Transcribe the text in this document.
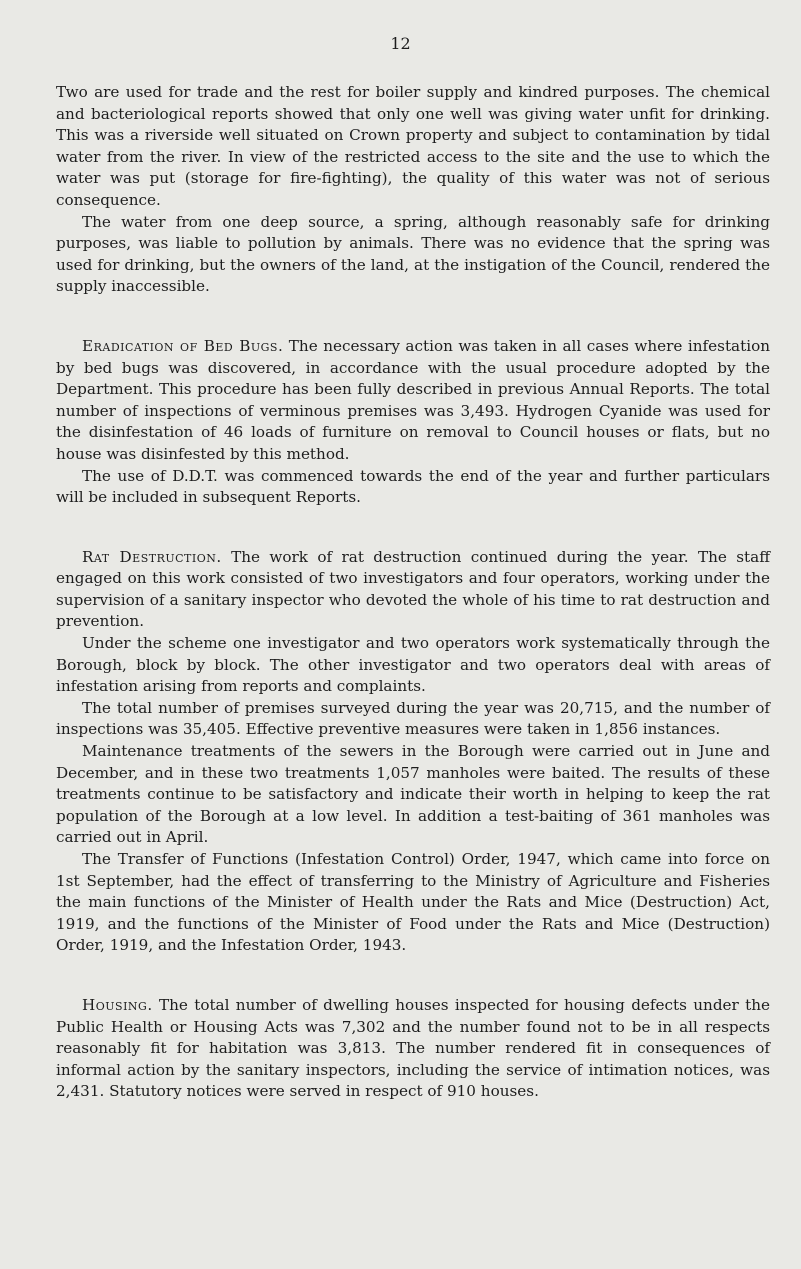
12

Two are used for trade and the rest for boiler supply and kindred purposes. The chemical and bacteriological reports showed that only one well was giving water unfit for drinking. This was a riverside well situated on Crown property and subject to contamination by tidal water from the river. In view of the restricted access to the site and the use to which the water was put (storage for fire-fighting), the quality of this water was not of serious consequence.

The water from one deep source, a spring, although reasonably safe for drinking purposes, was liable to pollution by animals. There was no evidence that the spring was used for drinking, but the owners of the land, at the instigation of the Council, rendered the supply inaccessible.

Eradication of Bed Bugs. The necessary action was taken in all cases where infestation by bed bugs was discovered, in accordance with the usual procedure adopted by the Department. This procedure has been fully described in previous Annual Reports. The total number of inspections of verminous premises was 3,493. Hydrogen Cyanide was used for the disinfestation of 46 loads of furniture on removal to Council houses or flats, but no house was disinfested by this method.

The use of D.D.T. was commenced towards the end of the year and further particulars will be included in subsequent Reports.

Rat Destruction. The work of rat destruction continued during the year. The staff engaged on this work consisted of two investigators and four operators, working under the supervision of a sanitary inspector who devoted the whole of his time to rat destruction and prevention.

Under the scheme one investigator and two operators work systematically through the Borough, block by block. The other investigator and two operators deal with areas of infestation arising from reports and complaints.

The total number of premises surveyed during the year was 20,715, and the number of inspections was 35,405. Effective preventive measures were taken in 1,856 instances.

Maintenance treatments of the sewers in the Borough were carried out in June and December, and in these two treatments 1,057 manholes were baited. The results of these treatments continue to be satisfactory and indicate their worth in helping to keep the rat population of the Borough at a low level. In addition a test-baiting of 361 manholes was carried out in April.

The Transfer of Functions (Infestation Control) Order, 1947, which came into force on 1st September, had the effect of transferring to the Ministry of Agriculture and Fisheries the main functions of the Minister of Health under the Rats and Mice (Destruction) Act, 1919, and the functions of the Minister of Food under the Rats and Mice (Destruction) Order, 1919, and the Infestation Order, 1943.

Housing. The total number of dwelling houses inspected for housing defects under the Public Health or Housing Acts was 7,302 and the number found not to be in all respects reasonably fit for habitation was 3,813. The number rendered fit in consequences of informal action by the sanitary inspectors, including the service of intimation notices, was 2,431. Statutory notices were served in respect of 910 houses.
